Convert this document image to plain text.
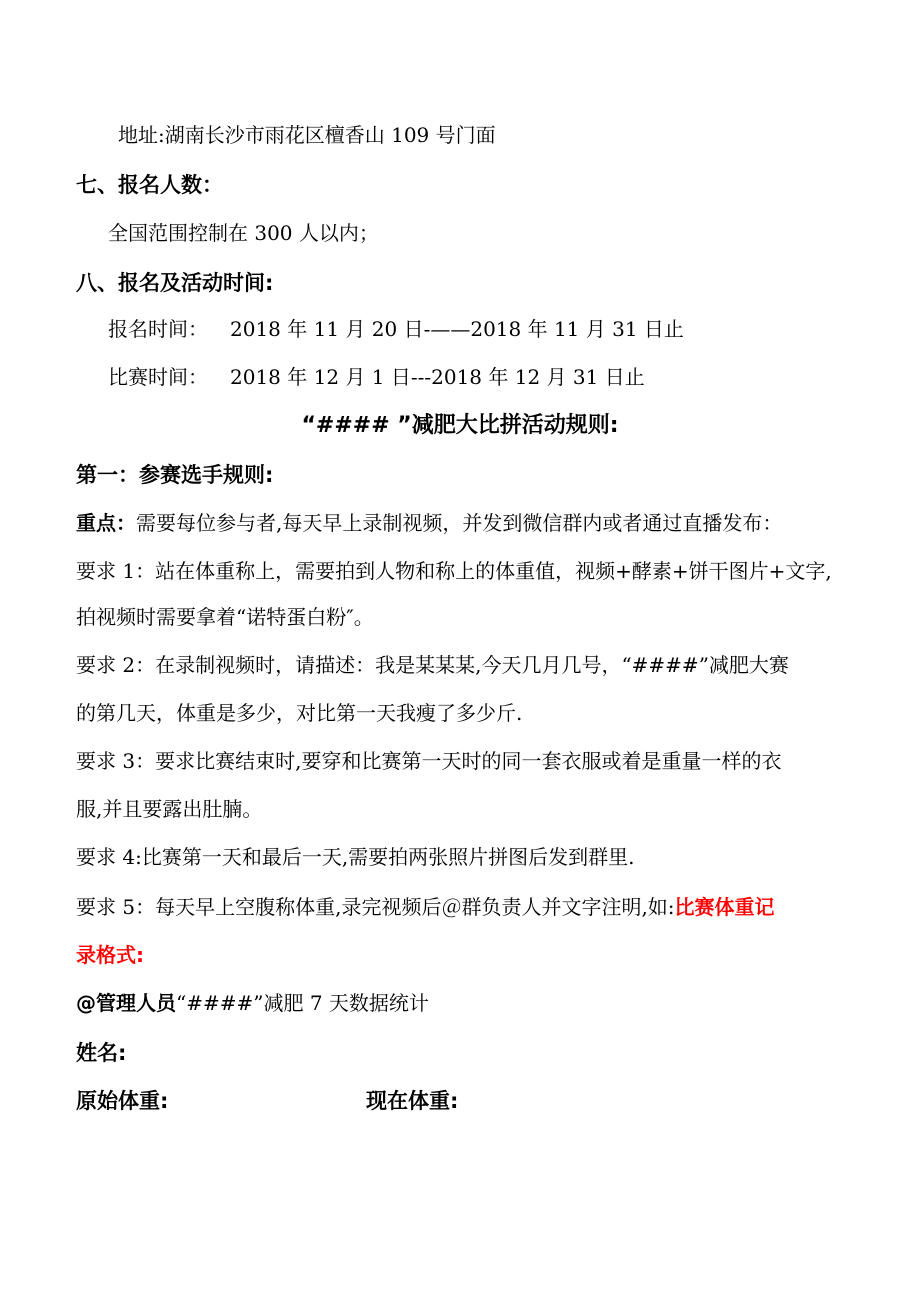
地址:湖南长沙市雨花区檀香山 109 号门面
七、报名人数：
全国范围控制在 300 人以内；
八、报名及活动时间:
报名时间： 2018 年 11 月 20 日-——2018 年 11 月 31 日止
比赛时间： 2018 年 12 月 1 日---2018 年 12 月 31 日止
“#### ”减肥大比拼活动规则:
第一：参赛选手规则:
重点：需要每位参与者,每天早上录制视频，并发到微信群内或者通过直播发布：
要求 1：站在体重称上，需要拍到人物和称上的体重值，视频+酵素+饼干图片+文字,
拍视频时需要拿着“诺特蛋白粉″。
要求 2：在录制视频时，请描述：我是某某某,今天几月几号，“####”减肥大赛
的第几天，体重是多少，对比第一天我瘦了多少斤.
要求 3：要求比赛结束时,要穿和比赛第一天时的同一套衣服或着是重量一样的衣
服,并且要露出肚腩。
要求 4:比赛第一天和最后一天,需要拍两张照片拼图后发到群里.
要求 5：每天早上空腹称体重,录完视频后＠群负责人并文字注明,如:比赛体重记
录格式:
@管理人员“####”减肥 7 天数据统计
姓名:
原始体重:	现在体重:
